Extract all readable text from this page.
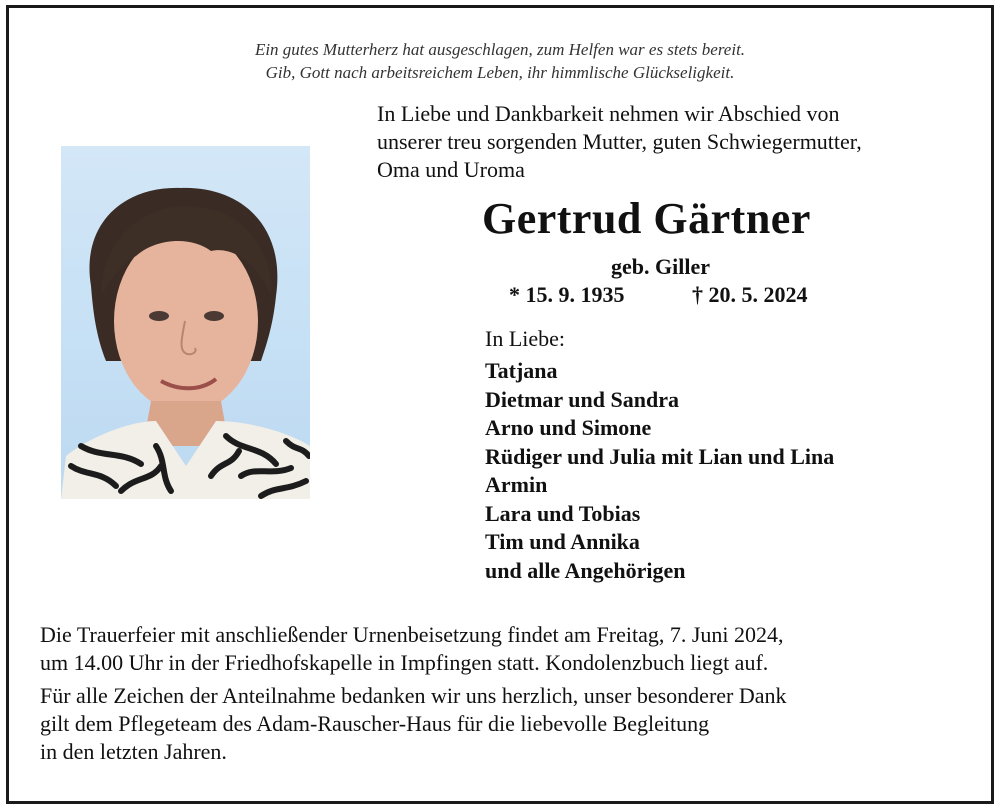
Ein gutes Mutterherz hat ausgeschlagen, zum Helfen war es stets bereit.
Gib, Gott nach arbeitsreichem Leben, ihr himmlische Glückseligkeit.
In Liebe und Dankbarkeit nehmen wir Abschied von
unserer treu sorgenden Mutter, guten Schwiegermutter,
Oma und Uroma
Gertrud Gärtner
geb. Giller
* 15. 9. 1935	† 20. 5. 2024
In Liebe:
Tatjana
Dietmar und Sandra
Arno und Simone
Rüdiger und Julia mit Lian und Lina
Armin
Lara und Tobias
Tim und Annika
und alle Angehörigen
Die Trauerfeier mit anschließender Urnenbeisetzung findet am Freitag, 7. Juni 2024,
um 14.00 Uhr in der Friedhofskapelle in Impfingen statt. Kondolenzbuch liegt auf.
Für alle Zeichen der Anteilnahme bedanken wir uns herzlich, unser besonderer Dank
gilt dem Pflegeteam des Adam-Rauscher-Haus für die liebevolle Begleitung
in den letzten Jahren.
